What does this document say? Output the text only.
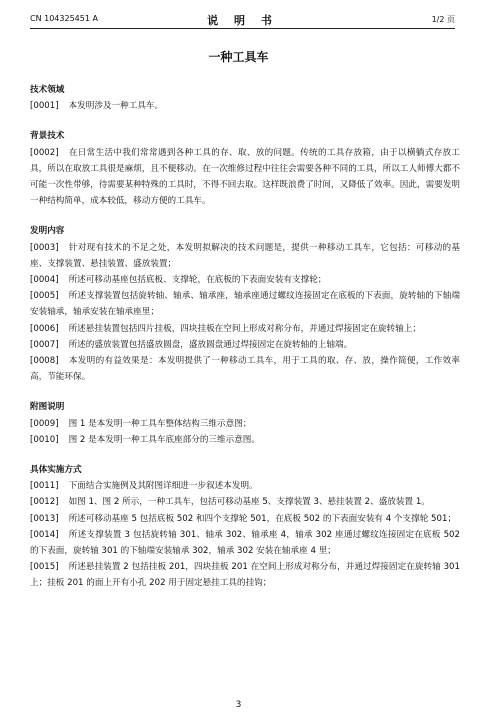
CN 104325451 A	说 明 书	1/2 页
一种工具车
技术领域
[0001] 本发明涉及一种工具车。
背景技术
[0002] 在日常生活中我们常常遇到各种工具的存、取、放的问题。传统的工具存放箱，由于以横躺式存放工具，所以在取放工具很是麻烦，且不便移动。在一次维修过程中往往会需要各种不同的工具，所以工人师傅大都不可能一次性带够，待需要某种特殊的工具时，不得不回去取。这样既浪费了时间，又降低了效率。因此，需要发明一种结构简单，成本较低，移动方便的工具车。
发明内容
[0003] 针对现有技术的不足之处，本发明拟解决的技术问题是，提供一种移动工具车，它包括：可移动的基座、支撑装置、悬挂装置、盛放装置；
[0004] 所述可移动基座包括底板、支撑轮，在底板的下表面安装有支撑轮；
[0005] 所述支撑装置包括旋转轴、轴承、轴承座，轴承座通过螺纹连接固定在底板的下表面，旋转轴的下轴端安装轴承，轴承安装在轴承座里；
[0006] 所述悬挂装置包括四片挂板，四块挂板在空间上形成对称分布，并通过焊接固定在旋转轴上；
[0007] 所述的盛放装置包括盛放圆盘，盛放圆盘通过焊接固定在旋转轴的上轴端。
[0008] 本发明的有益效果是：本发明提供了一种移动工具车，用于工具的取、存、放，操作简便，工作效率高，节能环保。
附图说明
[0009] 图 1 是本发明一种工具车整体结构三维示意图；
[0010] 图 2 是本发明一种工具车底座部分的三维示意图。
具体实施方式
[0011] 下面结合实施例及其附图详细进一步叙述本发明。
[0012] 如图 1、图 2 所示，一种工具车，包括可移动基座 5、支撑装置 3、悬挂装置 2、盛放装置 1。
[0013] 所述可移动基座 5 包括底板 502 和四个支撑轮 501，在底板 502 的下表面安装有 4 个支撑轮 501；
[0014] 所述支撑装置 3 包括旋转轴 301、轴承 302、轴承座 4，轴承 302 座通过螺纹连接固定在底板 502 的下表面，旋转轴 301 的下轴端安装轴承 302，轴承 302 安装在轴承座 4 里；
[0015] 所述悬挂装置 2 包括挂板 201，四块挂板 201 在空间上形成对称分布，并通过焊接固定在旋转轴 301 上；挂板 201 的面上开有小孔 202 用于固定悬挂工具的挂钩；
3
